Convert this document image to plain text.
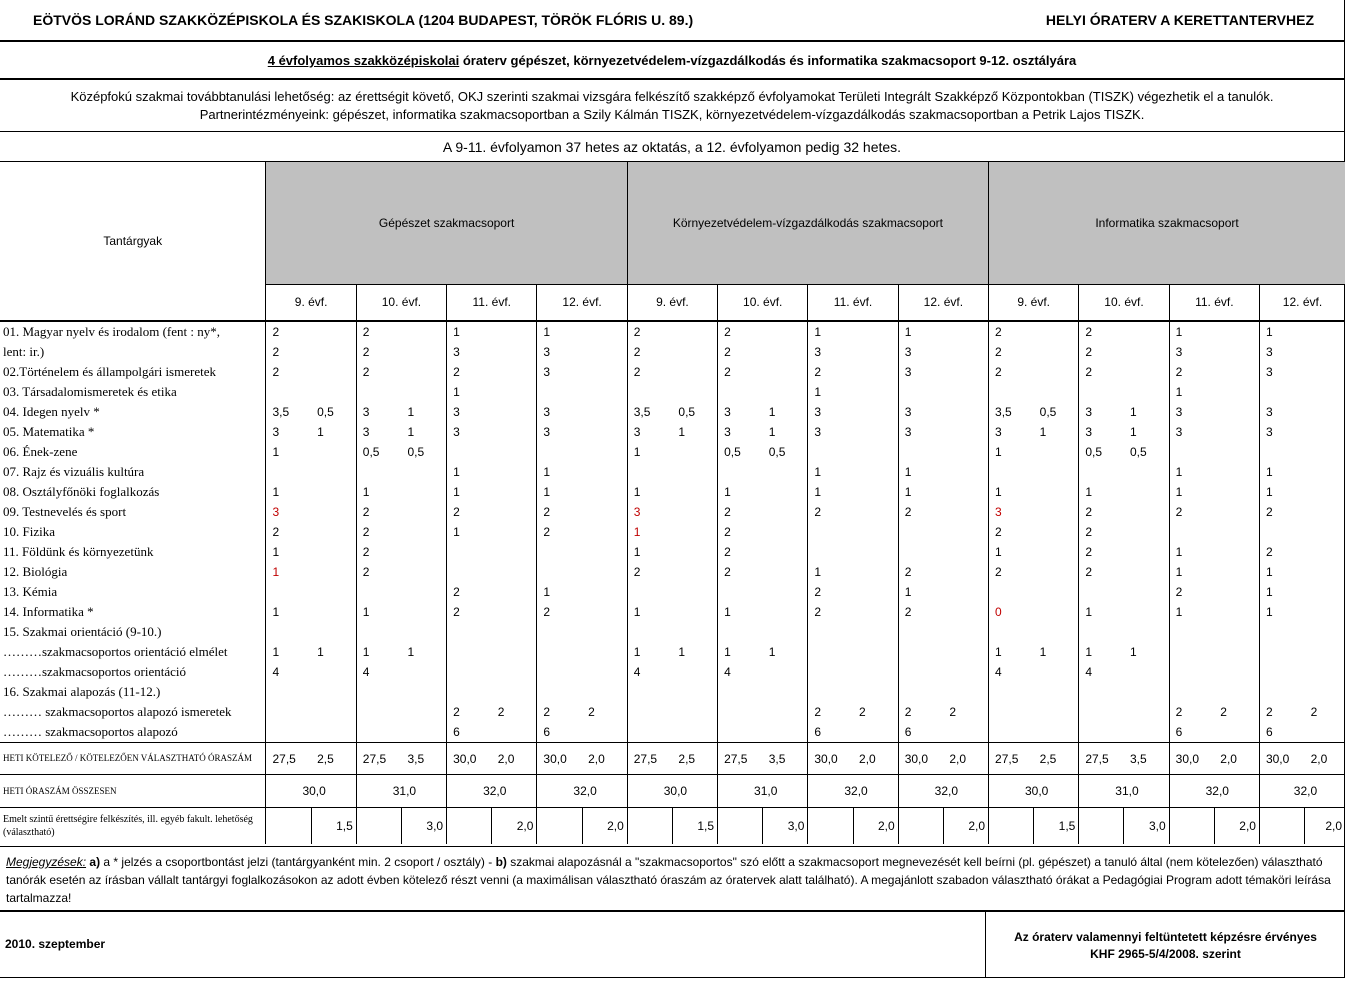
EÖTVÖS LORÁND SZAKKÖZÉPISKOLA ÉS SZAKISKOLA (1204 BUDAPEST, TÖRÖK FLÓRIS U. 89.)	HELYI ÓRATERV A KERETTANTERVHEZ
4 évfolyamos szakközépiskolai óraterv gépészet, környezetvédelem-vízgazdálkodás és informatika szakmacsoport 9-12. osztályára
Középfokú szakmai továbbtanulási lehetőség: az érettségit követő, OKJ szerinti szakmai vizsgára felkészítő szakképző évfolyamokat Területi Integrált Szakképző Központokban (TISZK) végezhetik el a tanulók. Partnerintézményeink: gépészet, informatika szakmacsoportban a Szily Kálmán TISZK, környezetvédelem-vízgazdálkodás szakmacsoportban a Petrik Lajos TISZK.
A 9-11. évfolyamon 37 hetes az oktatás, a 12. évfolyamon pedig 32 hetes.
Tantárgyak	Gépészet szakmacsoport								Környezetvédelem-vízgazdálkodás szakmacsoport								Informatika szakmacsoport							
	9. évf.		10. évf.		11. évf.		12. évf.		9. évf.		10. évf.		11. évf.		12. évf.		9. évf.		10. évf.		11. évf.		12. évf.	
01. Magyar nyelv és irodalom (fent : ny*,	2		2		1		1		2		2		1		1		2		2		1		1	
lent: ir.)	2		2		3		3		2		2		3		3		2		2		3		3	
02.Történelem és állampolgári ismeretek	2		2		2		3		2		2		2		3		2		2		2		3	
03. Társadalomismeretek és etika					1								1								1			
04. Idegen nyelv *	3,5	0,5	3	1	3		3		3,5	0,5	3	1	3		3		3,5	0,5	3	1	3		3	
05. Matematika *	3	1	3	1	3		3		3	1	3	1	3		3		3	1	3	1	3		3	
06. Ének-zene	1		0,5	0,5					1		0,5	0,5					1		0,5	0,5				
07. Rajz és vizuális kultúra					1		1						1		1						1		1	
08. Osztályfőnöki foglalkozás	1		1		1		1		1		1		1		1		1		1		1		1	
09. Testnevelés és sport	3		2		2		2		3		2		2		2		3		2		2		2	
10. Fizika	2		2		1		2		1		2						2		2					
11. Földünk és környezetünk	1		2						1		2						1		2		1		2	
12. Biológia	1		2						2		2		1		2		2		2		1		1	
13. Kémia					2		1						2		1						2		1	
14. Informatika *	1		1		2		2		1		1		2		2		0		1		1		1	
15. Szakmai orientáció (9-10.)																								
………szakmacsoportos orientáció elmélet	1	1	1	1					1	1	1	1					1	1	1	1				
………szakmacsoportos orientáció	4		4						4		4						4		4					
16. Szakmai alapozás (11-12.)																								
……… szakmacsoportos alapozó ismeretek					2	2	2	2					2	2	2	2					2	2	2	2
……… szakmacsoportos alapozó					6		6						6		6						6		6	
HETI KÖTELEZŐ / KÖTELEZŐEN VÁLASZTHATÓ ÓRASZÁM	27,5	2,5	27,5	3,5	30,0	2,0	30,0	2,0	27,5	2,5	27,5	3,5	30,0	2,0	30,0	2,0	27,5	2,5	27,5	3,5	30,0	2,0	30,0	2,0
HETI ÓRASZÁM ÖSSZESEN	30,0		31,0		32,0		32,0		30,0		31,0		32,0		32,0		30,0		31,0		32,0		32,0	
Emelt szintű érettségire felkészítés, ill. egyéb fakult. lehetőség (választható)		1,5		3,0		2,0		2,0		1,5		3,0		2,0		2,0		1,5		3,0		2,0		2,0
Megjegyzések: a) a * jelzés a csoportbontást jelzi (tantárgyanként min. 2 csoport / osztály) - b) szakmai alapozásnál a "szakmacsoportos" szó előtt a szakmacsoport megnevezését kell beírni (pl. gépészet) a tanuló által (nem kötelezően) választható tanórák esetén az írásban vállalt tantárgyi foglalkozásokon az adott évben kötelező részt venni (a maximálisan választható óraszám az óratervek alatt található). A megajánlott szabadon választható órákat a Pedagógiai Program adott témaköri leírása tartalmazza!
2010. szeptember	Az óraterv valamennyi feltüntetett képzésre érvényes
KHF 2965-5/4/2008. szerint
